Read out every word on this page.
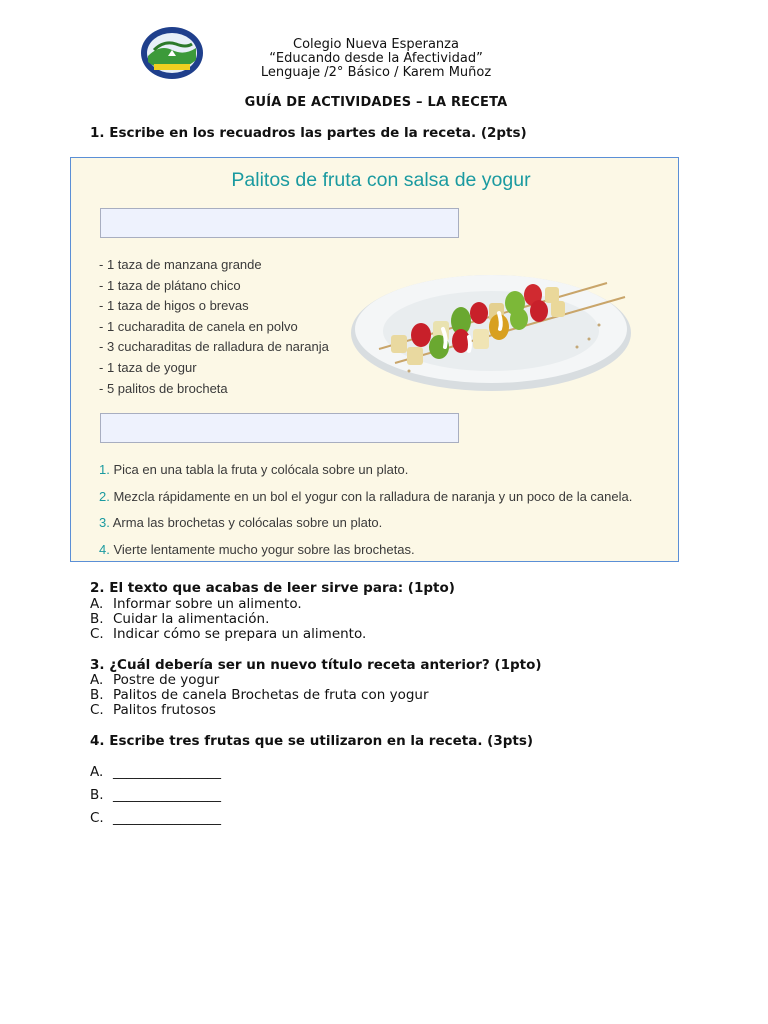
Colegio Nueva Esperanza
“Educando desde la Afectividad”
Lenguaje /2° Básico / Karem Muñoz
GUÍA DE ACTIVIDADES – LA RECETA
1. Escribe en los recuadros las partes de la receta. (2pts)
Palitos de fruta con salsa de yogur
- 1 taza de manzana grande
- 1 taza de plátano chico
- 1 taza de higos o brevas
- 1 cucharadita de canela en polvo
- 3 cucharaditas de ralladura de naranja
- 1 taza de yogur
- 5 palitos de brocheta
1. Pica en una tabla la fruta y colócala sobre un plato.
2. Mezcla rápidamente en un bol el yogur con la ralladura de naranja y un poco de la canela.
3. Arma las brochetas y colócalas sobre un plato.
4. Vierte lentamente mucho yogur sobre las brochetas.
2. El texto que acabas de leer sirve para: (1pto)
A. Informar sobre un alimento.
B. Cuidar la alimentación.
C. Indicar cómo se prepara un alimento.
3. ¿Cuál debería ser un nuevo título receta anterior? (1pto)
A. Postre de yogur
B. Palitos de canela Brochetas de fruta con yogur
C. Palitos frutosos
4. Escribe tres frutas que se utilizaron en la receta. (3pts)
A. ________________
B. ________________
C. ________________
